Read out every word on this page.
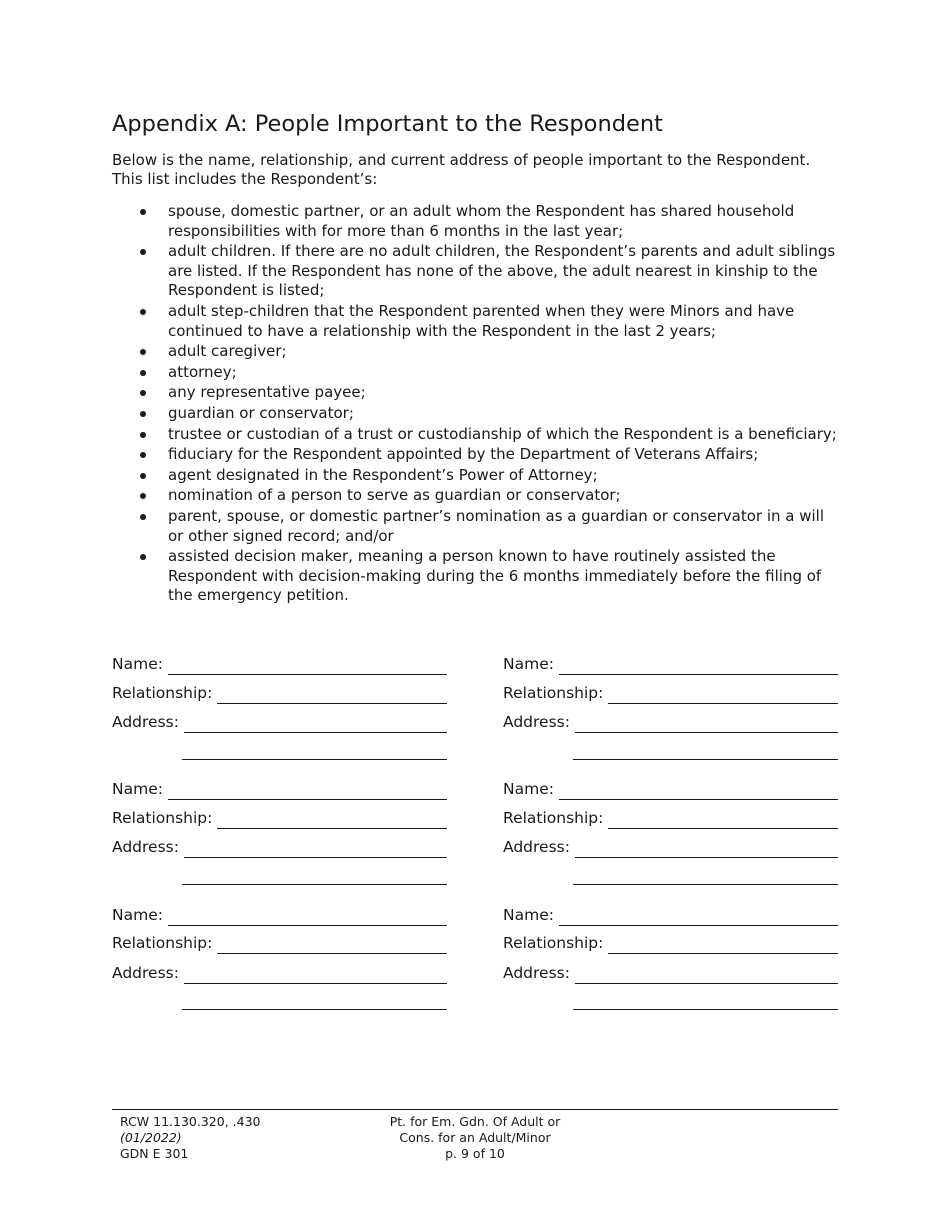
Appendix A: People Important to the Respondent

Below is the name, relationship, and current address of people important to the Respondent.
This list includes the Respondent’s:

spouse, domestic partner, or an adult whom the Respondent has shared household responsibilities with for more than 6 months in the last year;
adult children. If there are no adult children, the Respondent’s parents and adult siblings are listed. If the Respondent has none of the above, the adult nearest in kinship to the Respondent is listed;
adult step-children that the Respondent parented when they were Minors and have continued to have a relationship with the Respondent in the last 2 years;
adult caregiver;
attorney;
any representative payee;
guardian or conservator;
trustee or custodian of a trust or custodianship of which the Respondent is a beneficiary;
fiduciary for the Respondent appointed by the Department of Veterans Affairs;
agent designated in the Respondent’s Power of Attorney;
nomination of a person to serve as guardian or conservator;
parent, spouse, or domestic partner’s nomination as a guardian or conservator in a will or other signed record; and/or
assisted decision maker, meaning a person known to have routinely assisted the Respondent with decision-making during the 6 months immediately before the filing of the emergency petition.
Name:
Relationship:
Address:
Name:
Relationship:
Address:
Name:
Relationship:
Address:
Name:
Relationship:
Address:
Name:
Relationship:
Address:
Name:
Relationship:
Address:
RCW 11.130.320, .430
(01/2022)
GDN E 301
Pt. for Em. Gdn. Of Adult or
Cons. for an Adult/Minor
p. 9 of 10
